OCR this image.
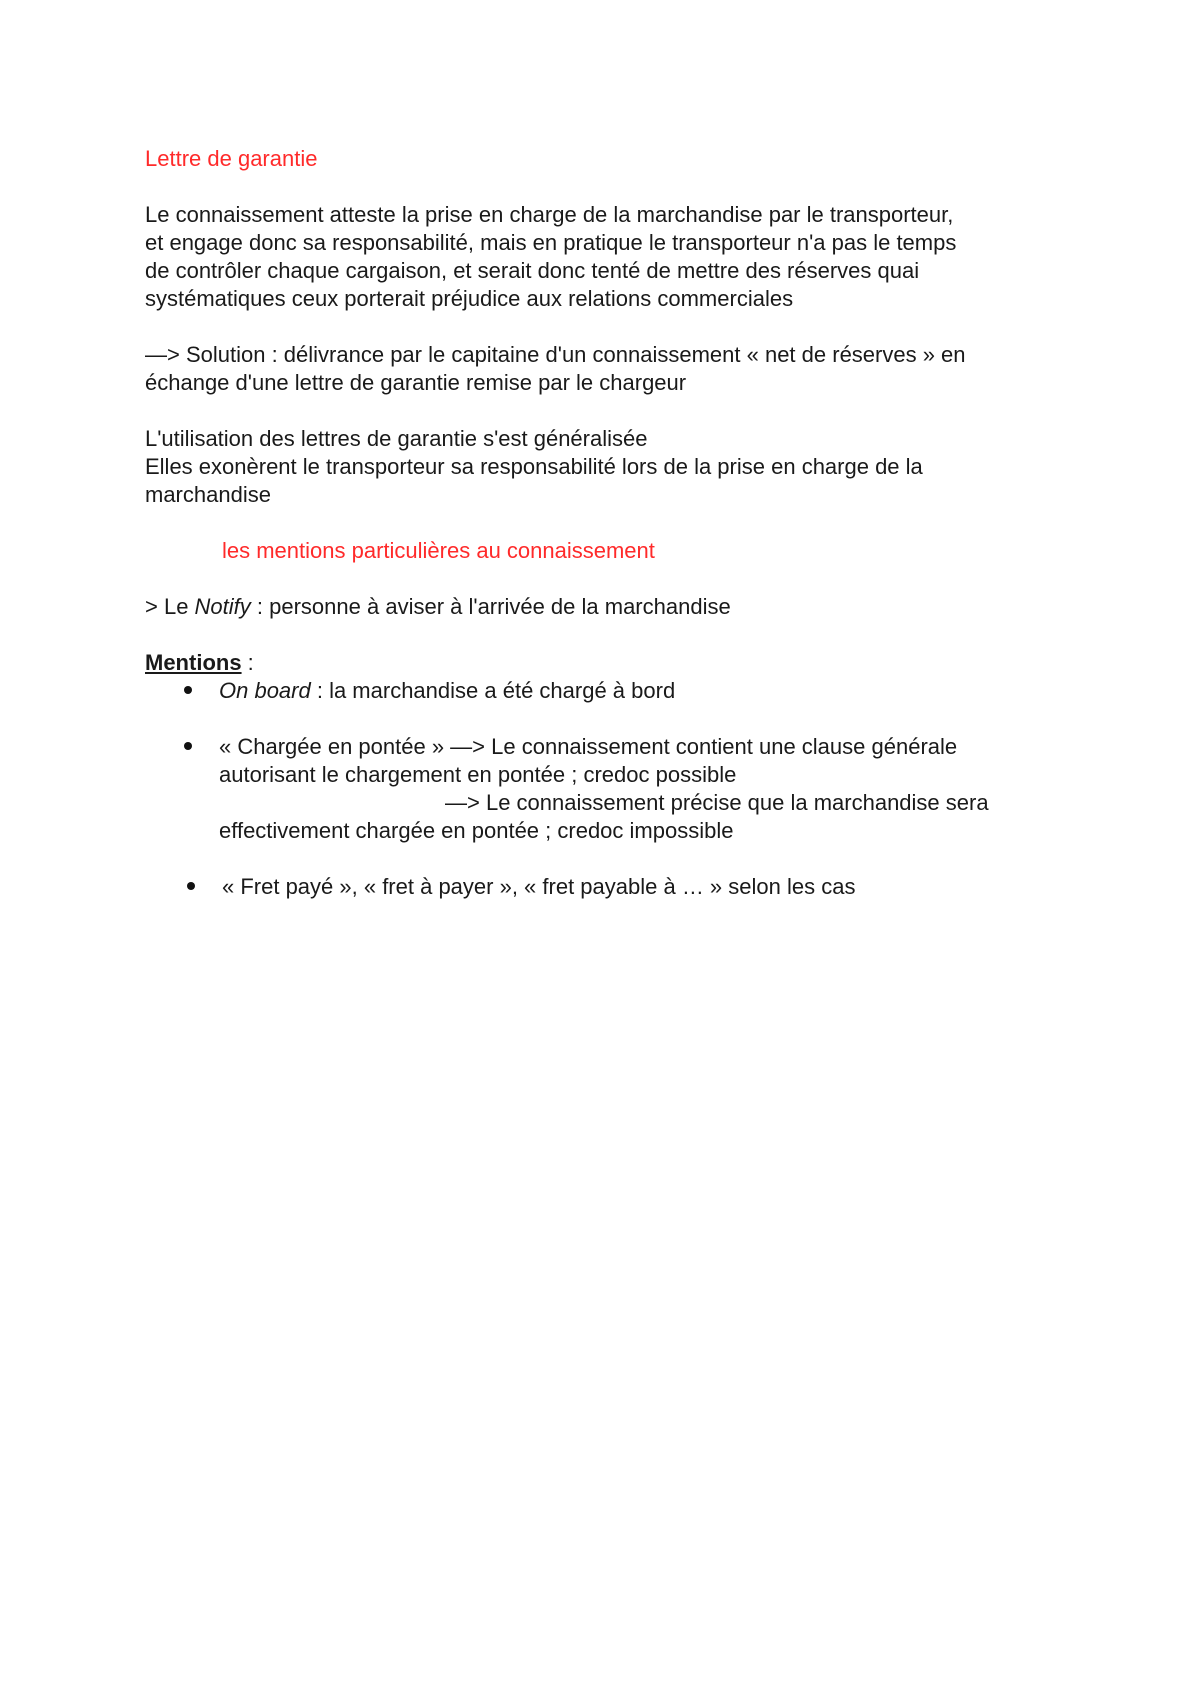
Lettre de garantie
Le connaissement atteste la prise en charge de la marchandise par le transporteur,
et engage donc sa responsabilité, mais en pratique le transporteur n'a pas le temps
de contrôler chaque cargaison, et serait donc tenté de mettre des réserves quai
systématiques ceux porterait préjudice aux relations commerciales
—> Solution : délivrance par le capitaine d'un connaissement « net de réserves » en
échange d'une lettre de garantie remise par le chargeur
L'utilisation des lettres de garantie s'est généralisée
Elles exonèrent le transporteur sa responsabilité lors de la prise en charge de la
marchandise
les mentions particulières au connaissement
> Le Notify : personne à aviser à l'arrivée de la marchandise
Mentions :
On board : la marchandise a été chargé à bord
« Chargée en pontée » —> Le connaissement contient une clause générale
autorisant le chargement en pontée ; credoc possible
—> Le connaissement précise que la marchandise sera
effectivement chargée en pontée ; credoc impossible
« Fret payé », « fret à payer », « fret payable à … » selon les cas
